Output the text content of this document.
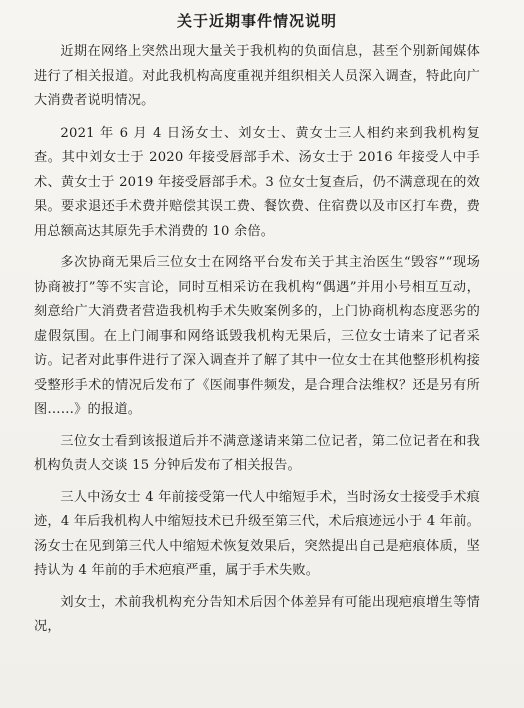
关于近期事件情况说明

近期在网络上突然出现大量关于我机构的负面信息，甚至个别新闻媒体进行了相关报道。对此我机构高度重视并组织相关人员深入调查，特此向广大消费者说明情况。

2021 年 6 月 4 日汤女士、刘女士、黄女士三人相约来到我机构复查。其中刘女士于 2020 年接受唇部手术、汤女士于 2016 年接受人中手术、黄女士于 2019 年接受唇部手术。3 位女士复查后，仍不满意现在的效果。要求退还手术费并赔偿其误工费、餐饮费、住宿费以及市区打车费，费用总额高达其原先手术消费的 10 余倍。

多次协商无果后三位女士在网络平台发布关于其主治医生“毁容”“现场协商被打”等不实言论，同时互相采访在我机构“偶遇”并用小号相互互动，刻意给广大消费者营造我机构手术失败案例多的，上门协商机构态度恶劣的虚假氛围。在上门闹事和网络诋毁我机构无果后，三位女士请来了记者采访。记者对此事件进行了深入调查并了解了其中一位女士在其他整形机构接受整形手术的情况后发布了《医闹事件频发，是合理合法维权？还是另有所图……》的报道。

三位女士看到该报道后并不满意遂请来第二位记者，第二位记者在和我机构负责人交谈 15 分钟后发布了相关报告。

三人中汤女士 4 年前接受第一代人中缩短手术，当时汤女士接受手术痕迹，4 年后我机构人中缩短技术已升级至第三代，术后痕迹远小于 4 年前。汤女士在见到第三代人中缩短术恢复效果后，突然提出自己是疤痕体质，坚持认为 4 年前的手术疤痕严重，属于手术失败。

刘女士，术前我机构充分告知术后因个体差异有可能出现疤痕增生等情况，
